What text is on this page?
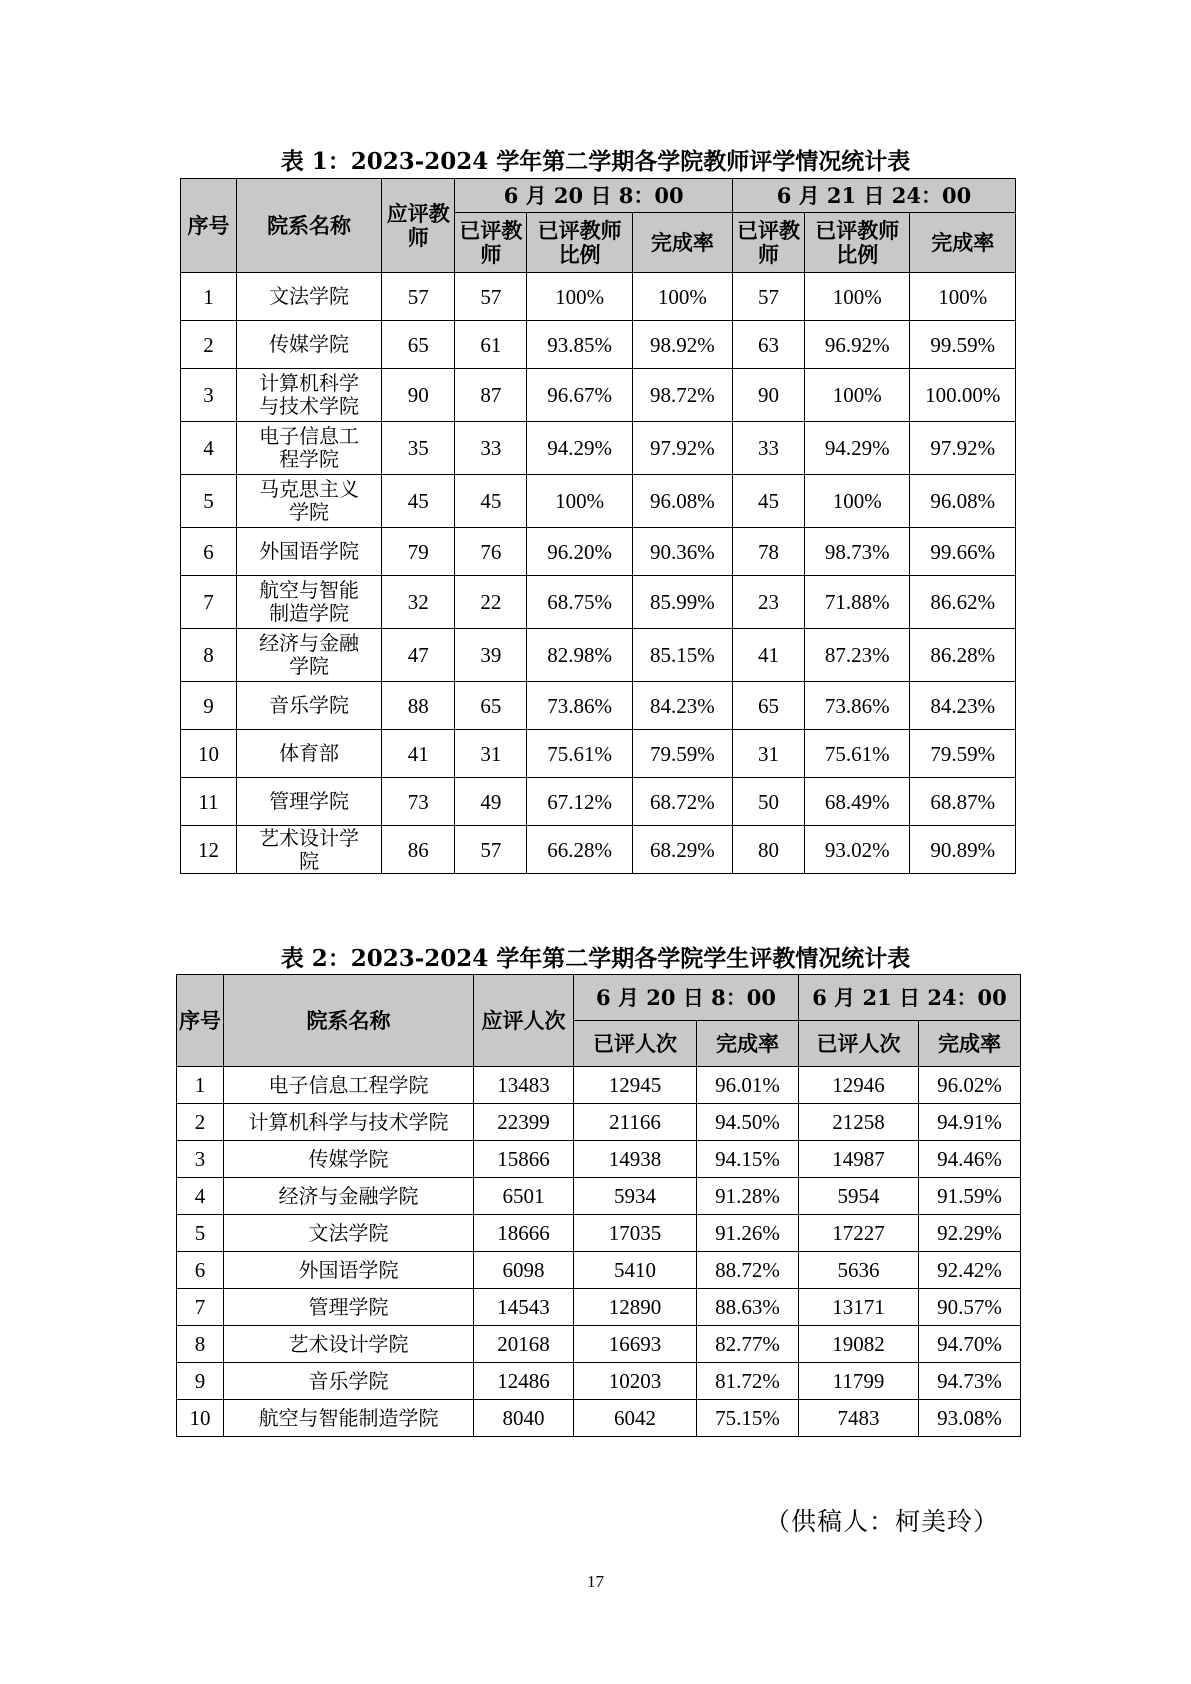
表 1：2023-2024 学年第二学期各学院教师评学情况统计表
序号	院系名称	应评教师	6 月 20 日 8：00			6 月 21 日 24：00		
			已评教师	已评教师比例	完成率	已评教师	已评教师比例	完成率
1	文法学院	57	57	100%	100%	57	100%	100%
2	传媒学院	65	61	93.85%	98.92%	63	96.92%	99.59%
3	计算机科学与技术学院	90	87	96.67%	98.72%	90	100%	100.00%
4	电子信息工程学院	35	33	94.29%	97.92%	33	94.29%	97.92%
5	马克思主义学院	45	45	100%	96.08%	45	100%	96.08%
6	外国语学院	79	76	96.20%	90.36%	78	98.73%	99.66%
7	航空与智能制造学院	32	22	68.75%	85.99%	23	71.88%	86.62%
8	经济与金融学院	47	39	82.98%	85.15%	41	87.23%	86.28%
9	音乐学院	88	65	73.86%	84.23%	65	73.86%	84.23%
10	体育部	41	31	75.61%	79.59%	31	75.61%	79.59%
11	管理学院	73	49	67.12%	68.72%	50	68.49%	68.87%
12	艺术设计学院	86	57	66.28%	68.29%	80	93.02%	90.89%
表 2：2023-2024 学年第二学期各学院学生评教情况统计表
序号	院系名称	应评人次	6 月 20 日 8：00		6 月 21 日 24：00	
			已评人次	完成率	已评人次	完成率
1	电子信息工程学院	13483	12945	96.01%	12946	96.02%
2	计算机科学与技术学院	22399	21166	94.50%	21258	94.91%
3	传媒学院	15866	14938	94.15%	14987	94.46%
4	经济与金融学院	6501	5934	91.28%	5954	91.59%
5	文法学院	18666	17035	91.26%	17227	92.29%
6	外国语学院	6098	5410	88.72%	5636	92.42%
7	管理学院	14543	12890	88.63%	13171	90.57%
8	艺术设计学院	20168	16693	82.77%	19082	94.70%
9	音乐学院	12486	10203	81.72%	11799	94.73%
10	航空与智能制造学院	8040	6042	75.15%	7483	93.08%
（供稿人：柯美玲）
17
